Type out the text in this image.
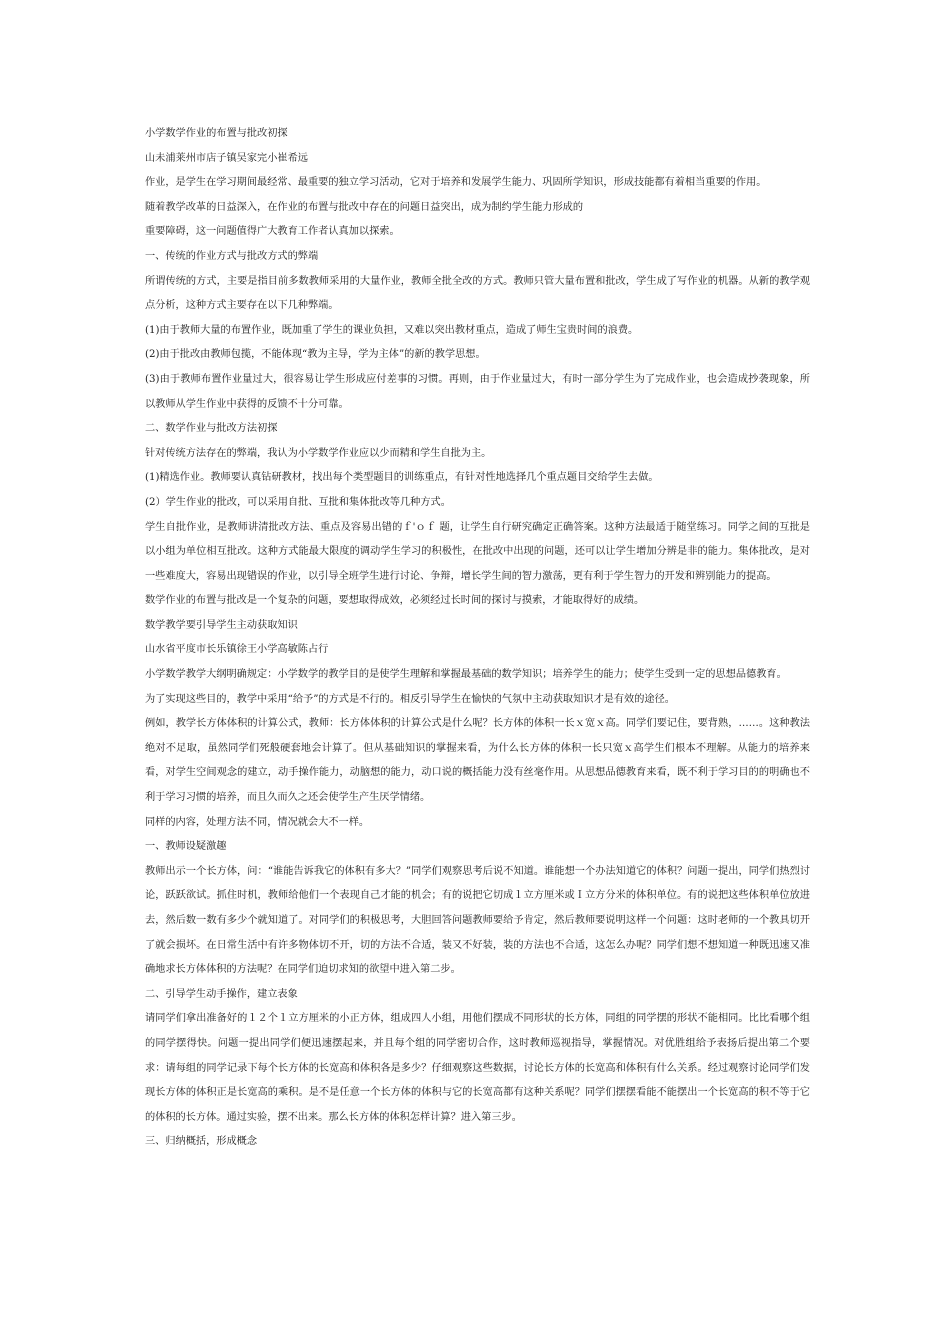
小学数学作业的布置与批改初探

山未浦莱州市店子镇吴家完小崔希远

作业，是学生在学习期间最经常、最重要的独立学习活动，它对于培养和发展学生能力、巩固所学知识，形成技能都有着相当重要的作用。

随着教学改革的日益深入，在作业的布置与批改中存在的问题日益突出，成为制约学生能力形成的

重要障碍，这一问题值得广大教育工作者认真加以探索。

一、传统的作业方式与批改方式的弊端

所谓传统的方式，主要是指目前多数教师采用的大量作业，教师全批全改的方式。教师只管大量布置和批改，学生成了写作业的机器。从新的教学观点分析，这种方式主要存在以下几种弊端。

(1)由于教师大量的布置作业，既加重了学生的课业负担，又难以突出教材重点，造成了师生宝贵时间的浪费。

(2)由于批改由教师包揽，不能体现“教为主导，学为主体”的新的教学思想。

(3)由于教师布置作业量过大，很容易让学生形成应付差事的习惯。再则，由于作业量过大，有时一部分学生为了完成作业，也会造成抄袭现象，所以教师从学生作业中获得的反馈不十分可靠。

二、数学作业与批改方法初探

针对传统方法存在的弊端，我认为小学数学作业应以少而精和学生自批为主。

(1)精选作业。教师要认真钻研教材，找出每个类型题目的训练重点，有针对性地选择几个重点题目交给学生去做。

(2）学生作业的批改，可以采用自批、互批和集体批改等几种方式。

学生自批作业，是教师讲清批改方法、重点及容易出错的ｆ'ｏｆ 题，让学生自行研究确定正确答案。这种方法最适于随堂练习。同学之间的互批是以小组为单位相互批改。这种方式能最大限度的调动学生学习的积极性，在批改中出现的问题，还可以让学生增加分辨是非的能力。集体批改，是对一些难度大，容易出现错误的作业，以引导全班学生进行讨论、争辩，增长学生间的智力激荡，更有利于学生智力的开发和辨别能力的提高。

数学作业的布置与批改是一个复杂的问题，要想取得成效，必须经过长时间的探讨与摸索，才能取得好的成绩。

数学教学要引导学生主动获取知识

山水省平度市长乐镇徐王小学高敏陈占行

小学数学教学大纲明确规定：小学数学的教学目的是使学生理解和掌握最基础的数学知识；培养学生的能力；使学生受到一定的思想品德教育。

为了实现这些目的，教学中采用“给予”的方式是不行的。相反引导学生在愉快的气氛中主动获取知识才是有效的途径。

例如，教学长方体体积的计算公式，教师：长方体体积的计算公式是什么呢？长方体的体积一长ｘ宽ｘ高。同学们要记住，要背熟，……。这种教法绝对不足取，虽然同学们死般硬套地会计算了。但从基础知识的掌握来看，为什么长方体的体积一长只宽ｘ高学生们根本不理解。从能力的培养来看，对学生空间观念的建立，动手操作能力，动脑想的能力，动口说的概括能力没有丝毫作用。从思想品德教育来看，既不利于学习目的的明确也不利于学习习惯的培养，而且久而久之还会使学生产生厌学情绪。

同样的内容，处理方法不同，情况就会大不一样。

一、教师设疑激趣

教师出示一个长方体，问：“谁能告诉我它的体积有多大？”同学们观察思考后说不知道。谁能想一个办法知道它的体积？问题一提出，同学们热烈讨论，跃跃欲试。抓住时机，教师给他们一个表现自己才能的机会；有的说把它切成１立方厘米或Ｉ立方分米的体积单位。有的说把这些体积单位放进去，然后数一数有多少个就知道了。对同学们的积极思考，大胆回答问题教师要给予肯定，然后教师要说明这样一个问题：这时老师的一个教具切开了就会损坏。在日常生活中有许多物体切不开，切的方法不合适，装又不好装，装的方法也不合适，这怎么办呢？同学们想不想知道一种既迅速又准确地求长方体体积的方法呢？在同学们迫切求知的欲望中进入第二步。

二、引导学生动手操作，建立表象

请同学们拿出准备好的１２个１立方厘米的小正方体，组成四人小组，用他们摆成不同形状的长方体，同组的同学摆的形状不能相同。比比看哪个组的同学摆得快。问题一提出同学们便迅速摆起来，并且每个组的同学密切合作，这时教师巡视指导，掌握情况。对优胜组给予表扬后提出第二个要求：请每组的同学记录下每个长方体的长宽高和体积各是多少？仔细观察这些数据，讨论长方体的长宽高和体积有什么关系。经过观察讨论同学们发现长方体的体积正是长宽高的乘积。是不是任意一个长方体的体积与它的长宽高都有这种关系呢？同学们摆摆看能不能摆出一个长宽高的积不等于它的体积的长方体。通过实验，摆不出来。那么长方体的体积怎样计算？进入第三步。

三、归纳概括，形成概念
